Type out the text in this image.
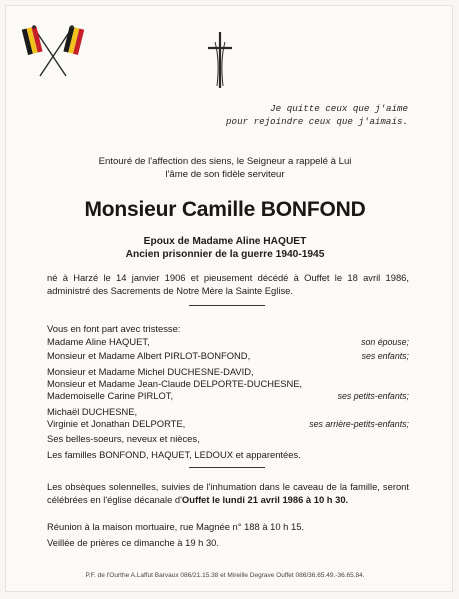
Je quitte ceux que j'aime
pour rejoindre ceux que j'aimais.
Entouré de l'affection des siens, le Seigneur a rappelé à Lui
l'âme de son fidèle serviteur
Monsieur Camille BONFOND
Epoux de Madame Aline HAQUET
Ancien prisonnier de la guerre 1940-1945

né à Harzé le 14 janvier 1906 et pieusement décédé à Ouffet le 18 avril 1986, administré des Sacrements de Notre Mère la Sainte Eglise.

Vous en font part avec tristesse:
Madame Aline HAQUET,	son épouse;
Monsieur et Madame Albert PIRLOT-BONFOND,	ses enfants;
Monsieur et Madame Michel DUCHESNE-DAVID,
Monsieur et Madame Jean-Claude DELPORTE-DUCHESNE,
Mademoiselle Carine PIRLOT,	ses petits-enfants;
Michaël DUCHESNE,
Virginie et Jonathan DELPORTE,	ses arrière-petits-enfants;
Ses belles-soeurs, neveux et nièces,
Les familles BONFOND, HAQUET, LEDOUX et apparentées.

Les obsèques solennelles, suivies de l'inhumation dans le caveau de la famille, seront célébrées en l'église décanale d'Ouffet le lundi 21 avril 1986 à 10 h 30.

Réunion à la maison mortuaire, rue Magnée n° 188 à 10 h 15.
Veillée de prières ce dimanche à 19 h 30.
P.F. de l'Ourthe A.Laffut Barvaux 086/21.15.38 et Mireille Degrave Ouffet 086/36.65.49.-36.65.84.
